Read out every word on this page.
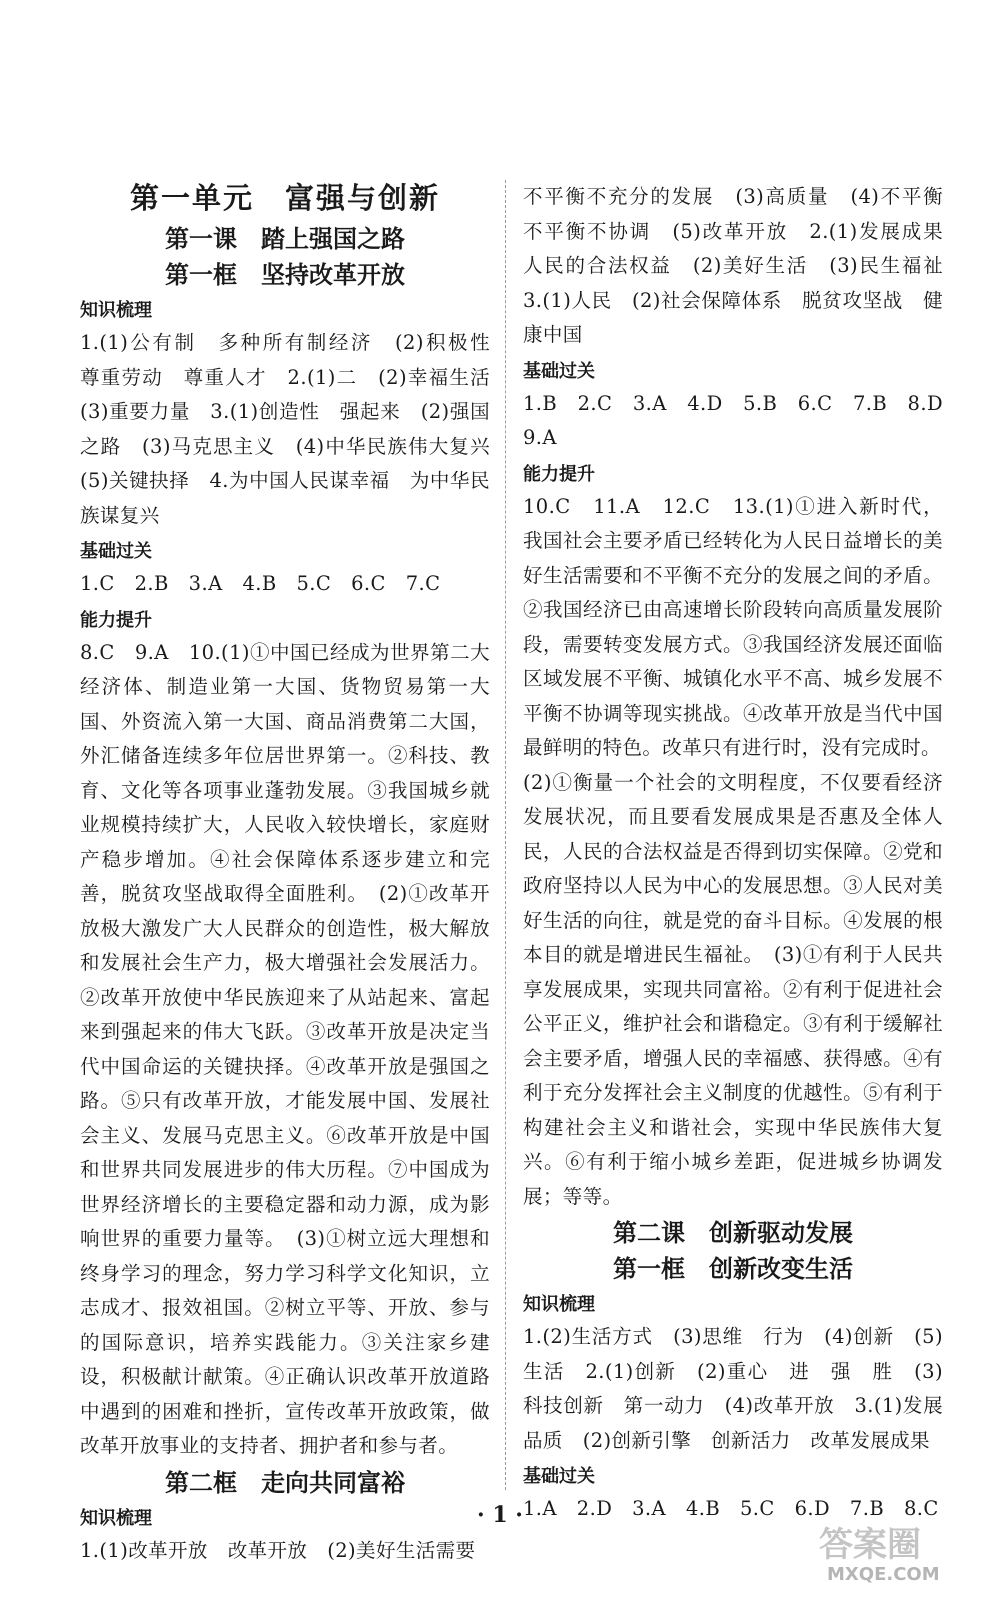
第一单元　富强与创新
第一课　踏上强国之路
第一框　坚持改革开放
知识梳理

1.(1)公有制　多种所有制经济　(2)积极性　尊重劳动　尊重人才　2.(1)二　(2)幸福生活　(3)重要力量　3.(1)创造性　强起来　(2)强国之路　(3)马克思主义　(4)中华民族伟大复兴　(5)关键抉择　4.为中国人民谋幸福　为中华民族谋复兴

基础过关

1.C　2.B　3.A　4.B　5.C　6.C　7.C

能力提升

8.C　9.A　10.(1)①中国已经成为世界第二大经济体、制造业第一大国、货物贸易第一大国、外资流入第一大国、商品消费第二大国，外汇储备连续多年位居世界第一。②科技、教育、文化等各项事业蓬勃发展。③我国城乡就业规模持续扩大，人民收入较快增长，家庭财产稳步增加。④社会保障体系逐步建立和完善，脱贫攻坚战取得全面胜利。　(2)①改革开放极大激发广大人民群众的创造性，极大解放和发展社会生产力，极大增强社会发展活力。②改革开放使中华民族迎来了从站起来、富起来到强起来的伟大飞跃。③改革开放是决定当代中国命运的关键抉择。④改革开放是强国之路。⑤只有改革开放，才能发展中国、发展社会主义、发展马克思主义。⑥改革开放是中国和世界共同发展进步的伟大历程。⑦中国成为世界经济增长的主要稳定器和动力源，成为影响世界的重要力量等。　(3)①树立远大理想和终身学习的理念，努力学习科学文化知识，立志成才、报效祖国。②树立平等、开放、参与的国际意识，培养实践能力。③关注家乡建设，积极献计献策。④正确认识改革开放道路中遇到的困难和挫折，宣传改革开放政策，做改革开放事业的支持者、拥护者和参与者。

第二框　走向共同富裕
知识梳理

1.(1)改革开放　改革开放　(2)美好生活需要

不平衡不充分的发展　(3)高质量　(4)不平衡　不平衡不协调　(5)改革开放　2.(1)发展成果　人民的合法权益　(2)美好生活　(3)民生福祉　3.(1)人民　(2)社会保障体系　脱贫攻坚战　健康中国

基础过关

1.B　2.C　3.A　4.D　5.B　6.C　7.B　8.D　9.A

能力提升

10.C　11.A　12.C　13.(1)①进入新时代，我国社会主要矛盾已经转化为人民日益增长的美好生活需要和不平衡不充分的发展之间的矛盾。②我国经济已由高速增长阶段转向高质量发展阶段，需要转变发展方式。③我国经济发展还面临区域发展不平衡、城镇化水平不高、城乡发展不平衡不协调等现实挑战。④改革开放是当代中国最鲜明的特色。改革只有进行时，没有完成时。

(2)①衡量一个社会的文明程度，不仅要看经济发展状况，而且要看发展成果是否惠及全体人民，人民的合法权益是否得到切实保障。②党和政府坚持以人民为中心的发展思想。③人民对美好生活的向往，就是党的奋斗目标。④发展的根本目的就是增进民生福祉。　(3)①有利于人民共享发展成果，实现共同富裕。②有利于促进社会公平正义，维护社会和谐稳定。③有利于缓解社会主要矛盾，增强人民的幸福感、获得感。④有利于充分发挥社会主义制度的优越性。⑤有利于构建社会主义和谐社会，实现中华民族伟大复兴。⑥有利于缩小城乡差距，促进城乡协调发展；等等。

第二课　创新驱动发展
第一框　创新改变生活
知识梳理

1.(2)生活方式　(3)思维　行为　(4)创新　(5)生活　2.(1)创新　(2)重心　进　强　胜　(3)科技创新　第一动力　(4)改革开放　3.(1)发展品质　(2)创新引擎　创新活力　改革发展成果

基础过关

1.A　2.D　3.A　4.B　5.C　6.D　7.B　8.C

· 1 ·
答案圈
MXQE.COM
